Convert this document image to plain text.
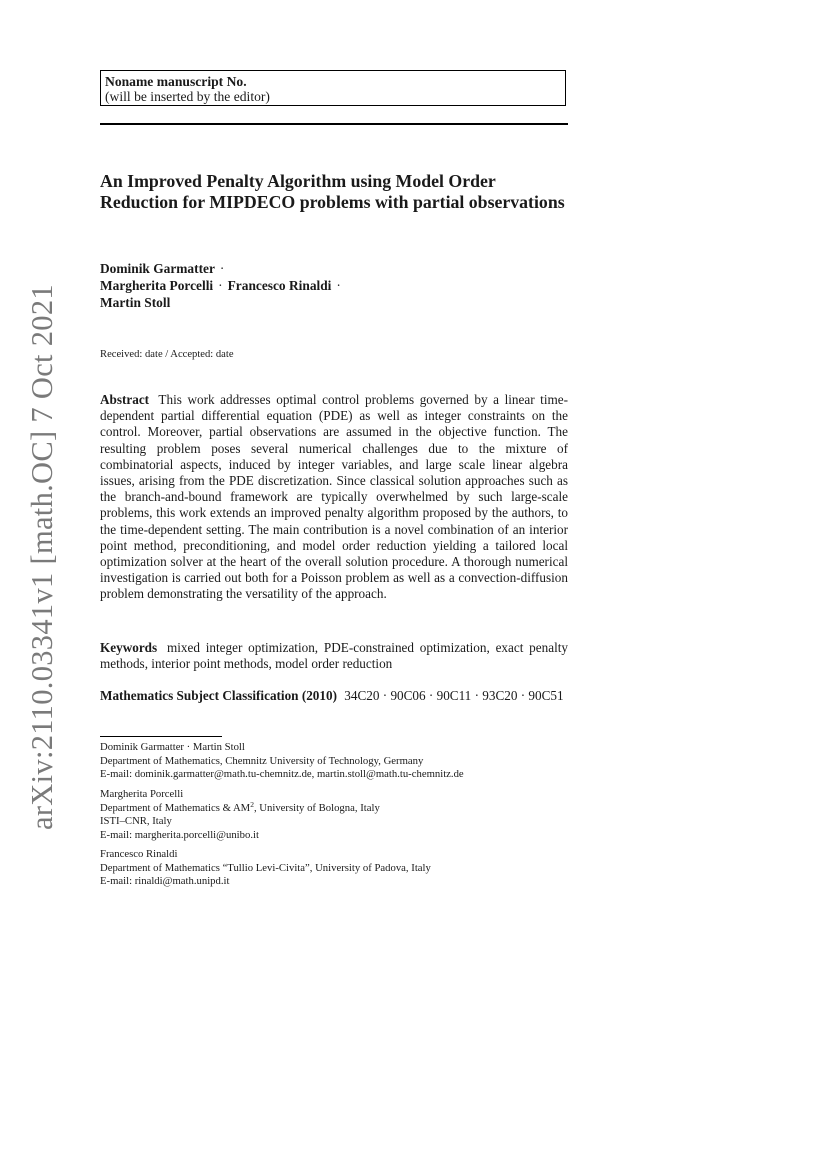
arXiv:2110.03341v1 [math.OC] 7 Oct 2021
Noname manuscript No.
(will be inserted by the editor)
An Improved Penalty Algorithm using Model Order Reduction for MIPDECO problems with partial observations
Dominik Garmatter ·
Margherita Porcelli · Francesco Rinaldi ·
Martin Stoll
Received: date / Accepted: date

Abstract This work addresses optimal control problems governed by a linear time-dependent partial differential equation (PDE) as well as integer constraints on the control. Moreover, partial observations are assumed in the objective function. The resulting problem poses several numerical challenges due to the mixture of combinatorial aspects, induced by integer variables, and large scale linear algebra issues, arising from the PDE discretization. Since classical solution approaches such as the branch-and-bound framework are typically overwhelmed by such large-scale problems, this work extends an improved penalty algorithm proposed by the authors, to the time-dependent setting. The main contribution is a novel combination of an interior point method, preconditioning, and model order reduction yielding a tailored local optimization solver at the heart of the overall solution procedure. A thorough numerical investigation is carried out both for a Poisson problem as well as a convection-diffusion problem demonstrating the versatility of the approach.

Keywords mixed integer optimization, PDE-constrained optimization, exact penalty methods, interior point methods, model order reduction

Mathematics Subject Classification (2010) 34C20 · 90C06 · 90C11 · 93C20 · 90C51

Dominik Garmatter · Martin Stoll
Department of Mathematics, Chemnitz University of Technology, Germany
E-mail: dominik.garmatter@math.tu-chemnitz.de, martin.stoll@math.tu-chemnitz.de
Margherita Porcelli
Department of Mathematics & $AM^2$, University of Bologna, Italy
ISTI–CNR, Italy
E-mail: margherita.porcelli@unibo.it
Francesco Rinaldi
Department of Mathematics “Tullio Levi-Civita”, University of Padova, Italy
E-mail: rinaldi@math.unipd.it
